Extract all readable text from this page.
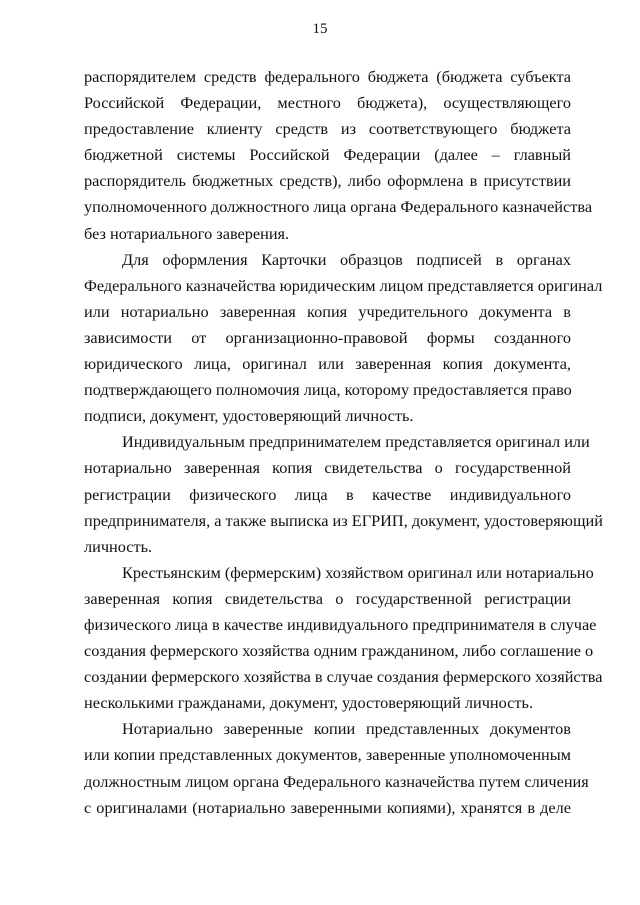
15
распорядителем средств федерального бюджета (бюджета субъекта
Российской Федерации, местного бюджета), осуществляющего
предоставление клиенту средств из соответствующего бюджета
бюджетной системы Российской Федерации (далее – главный
распорядитель бюджетных средств), либо оформлена в присутствии
уполномоченного должностного лица органа Федерального казначейства
без нотариального заверения.
Для оформления Карточки образцов подписей в органах
Федерального казначейства юридическим лицом представляется оригинал
или нотариально заверенная копия учредительного документа в
зависимости от организационно-правовой формы созданного
юридического лица, оригинал или заверенная копия документа,
подтверждающего полномочия лица, которому предоставляется право
подписи, документ, удостоверяющий личность.
Индивидуальным предпринимателем представляется оригинал или
нотариально заверенная копия свидетельства о государственной
регистрации физического лица в качестве индивидуального
предпринимателя, а также выписка из ЕГРИП, документ, удостоверяющий
личность.
Крестьянским (фермерским) хозяйством оригинал или нотариально
заверенная копия свидетельства о государственной регистрации
физического лица в качестве индивидуального предпринимателя в случае
создания фермерского хозяйства одним гражданином, либо соглашение о
создании фермерского хозяйства в случае создания фермерского хозяйства
несколькими гражданами, документ, удостоверяющий личность.
Нотариально заверенные копии представленных документов
или копии представленных документов, заверенные уполномоченным
должностным лицом органа Федерального казначейства путем сличения
с оригиналами (нотариально заверенными копиями), хранятся в деле
